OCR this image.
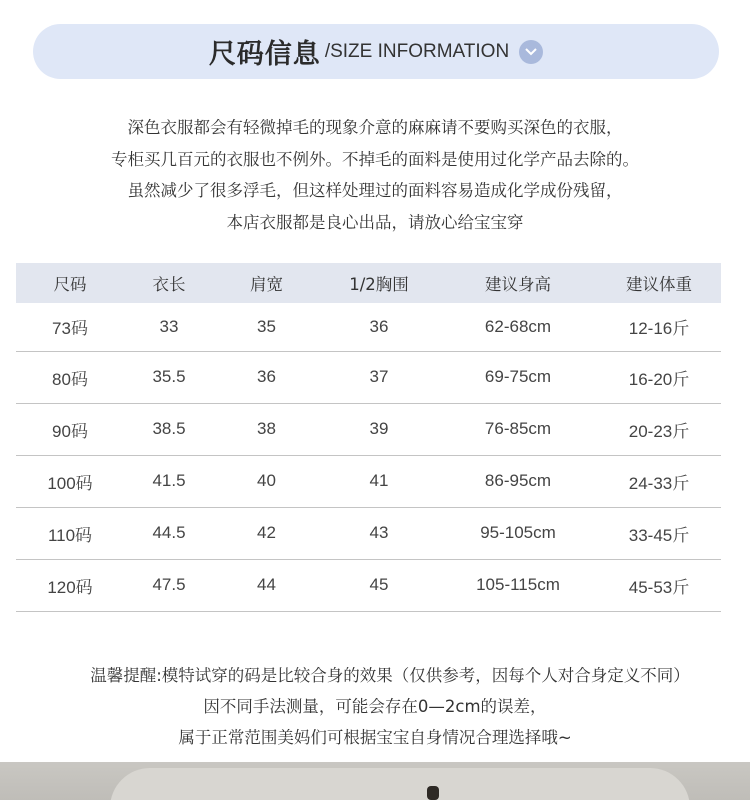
尺码信息 /SIZE INFORMATION
深色衣服都会有轻微掉毛的现象介意的麻麻请不要购买深色的衣服，
专柜买几百元的衣服也不例外。不掉毛的面料是使用过化学产品去除的。
虽然减少了很多浮毛，但这样处理过的面料容易造成化学成份残留，
本店衣服都是良心出品，请放心给宝宝穿
尺码	衣长	肩宽	1/2胸围	建议身高	建议体重
73码	33	35	36	62-68cm	12-16斤
80码	35.5	36	37	69-75cm	16-20斤
90码	38.5	38	39	76-85cm	20-23斤
100码	41.5	40	41	86-95cm	24-33斤
110码	44.5	42	43	95-105cm	33-45斤
120码	47.5	44	45	105-115cm	45-53斤
温馨提醒:模特试穿的码是比较合身的效果（仅供参考，因每个人对合身定义不同）
因不同手法测量，可能会存在0—2cm的误差，
属于正常范围美妈们可根据宝宝自身情况合理选择哦~
